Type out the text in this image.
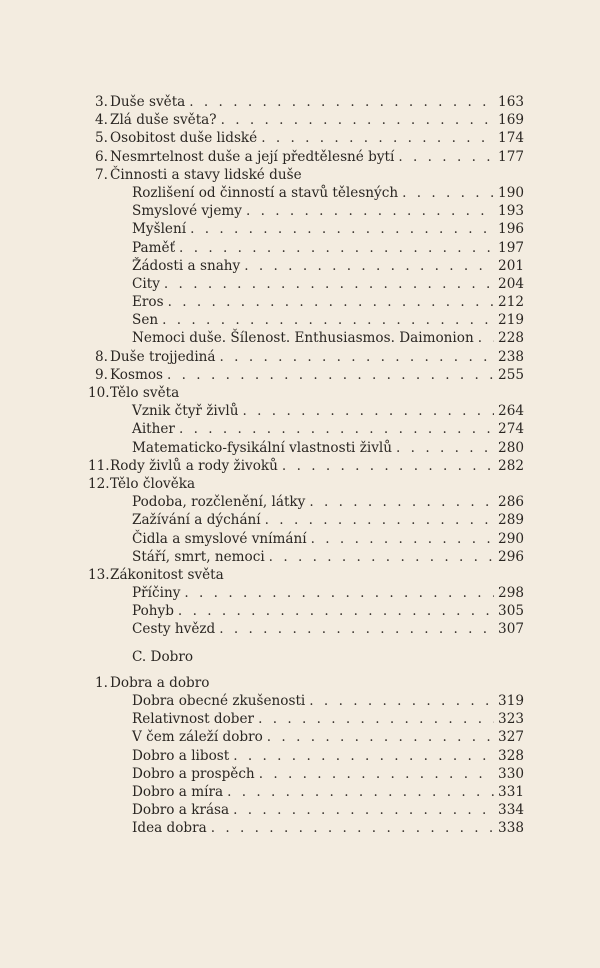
3. Duše světa . . .	163
4. Zlá duše světa? . . .	169
5. Osobitost duše lidské . . .	174
6. Nesmrtelnost duše a její předtělesné bytí . . .	177
7. Činnosti a stavy lidské duše
Rozlišení od činností a stavů tělesných . . .	190
Smyslové vjemy . . .	193
Myšlení . . .	196
Paměť . . .	197
Žádosti a snahy . . .	201
City . . .	204
Eros . . .	212
Sen . . .	219
Nemoci duše. Šílenost. Enthusiasmos. Daimonion . . . 228
8. Duše trojjediná . . .	238
9. Kosmos . . .	255
10. Tělo světa
Vznik čtyř živlů . . .	264
Aither . . .	274
Matematicko-fysikální vlastnosti živlů . . .	280
11. Rody živlů a rody živoků . . .	282
12. Tělo člověka
Podoba, rozčlenění, látky . . .	286
Zažívání a dýchání . . .	289
Čidla a smyslové vnímání . . .	290
Stáří, smrt, nemoci . . .	296
13. Zákonitost světa
Příčiny . . .	298
Pohyb . . .	305
Cesty hvězd . . .	307
C. Dobro
1. Dobra a dobro
Dobra obecné zkušenosti . . .	319
Relativnost dober . . .	323
V čem záleží dobro . . .	327
Dobro a libost . . .	328
Dobro a prospěch . . .	330
Dobro a míra . . .	331
Dobro a krása . . .	334
Idea dobra . . .	338
